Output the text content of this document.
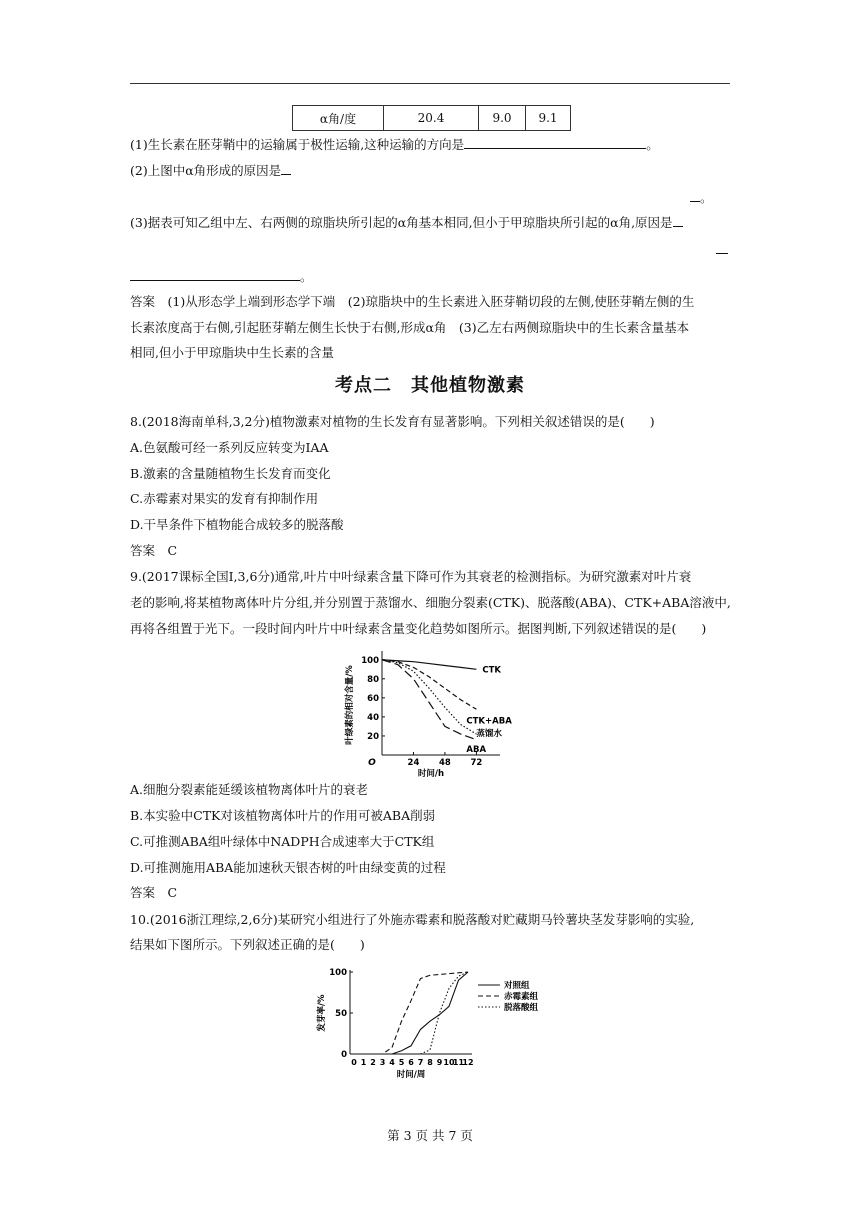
α角/度	20.4	9.0	9.1
(1)生长素在胚芽鞘中的运输属于极性运输,这种运输的方向是	。
(2)上图中α角形成的原因是
。
(3)据表可知乙组中左、右两侧的琼脂块所引起的α角基本相同,但小于甲琼脂块所引起的α角,原因是
。
答案　 (1)从形态学上端到形态学下端　(2)琼脂块中的生长素进入胚芽鞘切段的左侧,使胚芽鞘左侧的生
长素浓度高于右侧,引起胚芽鞘左侧生长快于右侧,形成α角　(3)乙左右两侧琼脂块中的生长素含量基本
相同,但小于甲琼脂块中生长素的含量
考点二　其他植物激素
8.(2018海南单科,3,2分)植物激素对植物的生长发育有显著影响。下列相关叙述错误的是(　　)
A.色氨酸可经一系列反应转变为IAA
B.激素的含量随植物生长发育而变化
C.赤霉素对果实的发育有抑制作用
D.干旱条件下植物能合成较多的脱落酸
答案　 C
9.(2017课标全国Ⅰ,3,6分)通常,叶片中叶绿素含量下降可作为其衰老的检测指标。为研究激素对叶片衰
老的影响,将某植物离体叶片分组,并分别置于蒸馏水、细胞分裂素(CTK)、脱落酸(ABA)、CTK+ABA溶液中,
再将各组置于光下。一段时间内叶片中叶绿素含量变化趋势如图所示。据图判断,下列叙述错误的是(　　)
20
40
60
80
100
24 48 72
O
时间/h
叶绿素的相对含量/%	CTK
CTK+ABA
蒸馏水
ABA
A.细胞分裂素能延缓该植物离体叶片的衰老
B.本实验中CTK对该植物离体叶片的作用可被ABA削弱
C.可推测ABA组叶绿体中NADPH合成速率大于CTK组
D.可推测施用ABA能加速秋天银杏树的叶由绿变黄的过程
答案　 C
10.(2016浙江理综,2,6分)某研究小组进行了外施赤霉素和脱落酸对贮藏期马铃薯块茎发芽影响的实验,
结果如下图所示。下列叙述正确的是(　　)
0
50
100
0 1 2 3 4 5 6 7 8 9 10
11
12
时间/周
发芽率/%
对照组
赤霉素组
脱落酸组
第 3 页 共 7 页
